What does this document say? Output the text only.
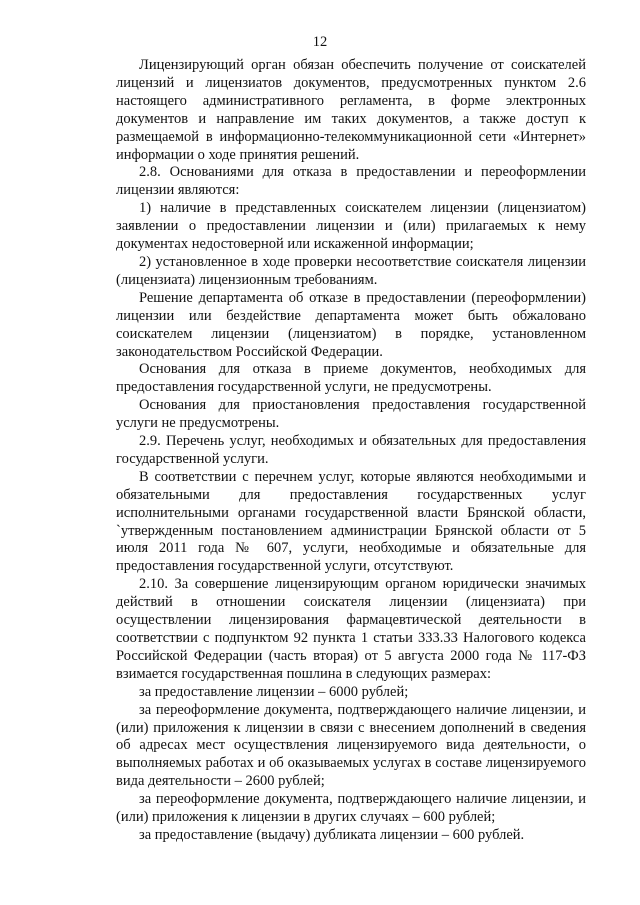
12

Лицензирующий орган обязан обеспечить получение от соискателей лицензий и лицензиатов документов, предусмотренных пунктом 2.6 настоящего административного регламента, в форме электронных документов и направление им таких документов, а также доступ к размещаемой в информационно-телекоммуникационной сети «Интернет» информации о ходе принятия решений.

2.8. Основаниями для отказа в предоставлении и переоформлении лицензии являются:

1) наличие в представленных соискателем лицензии (лицензиатом) заявлении о предоставлении лицензии и (или) прилагаемых к нему документах недостоверной или искаженной информации;

2) установленное в ходе проверки несоответствие соискателя лицензии (лицензиата) лицензионным требованиям.

Решение департамента об отказе в предоставлении (переоформлении) лицензии или бездействие департамента может быть обжаловано соискателем лицензии (лицензиатом) в порядке, установленном законодательством Российской Федерации.

Основания для отказа в приеме документов, необходимых для предоставления государственной услуги, не предусмотрены.

Основания для приостановления предоставления государственной услуги не предусмотрены.

2.9. Перечень услуг, необходимых и обязательных для предоставления государственной услуги.

В соответствии с перечнем услуг, которые являются необходимыми и обязательными для предоставления государственных услуг исполнительными органами государственной власти Брянской области, `утвержденным постановлением администрации Брянской области от 5 июля 2011 года № 607, услуги, необходимые и обязательные для предоставления государственной услуги, отсутствуют.

2.10. За совершение лицензирующим органом юридически значимых действий в отношении соискателя лицензии (лицензиата) при осуществлении лицензирования фармацевтической деятельности в соответствии с подпунктом 92 пункта 1 статьи 333.33 Налогового кодекса Российской Федерации (часть вторая) от 5 августа 2000 года № 117-ФЗ взимается государственная пошлина в следующих размерах:

за предоставление лицензии – 6000 рублей;

за переоформление документа, подтверждающего наличие лицензии, и (или) приложения к лицензии в связи с внесением дополнений в сведения об адресах мест осуществления лицензируемого вида деятельности, о выполняемых работах и об оказываемых услугах в составе лицензируемого вида деятельности – 2600 рублей;

за переоформление документа, подтверждающего наличие лицензии, и (или) приложения к лицензии в других случаях – 600 рублей;

за предоставление (выдачу) дубликата лицензии – 600 рублей.
